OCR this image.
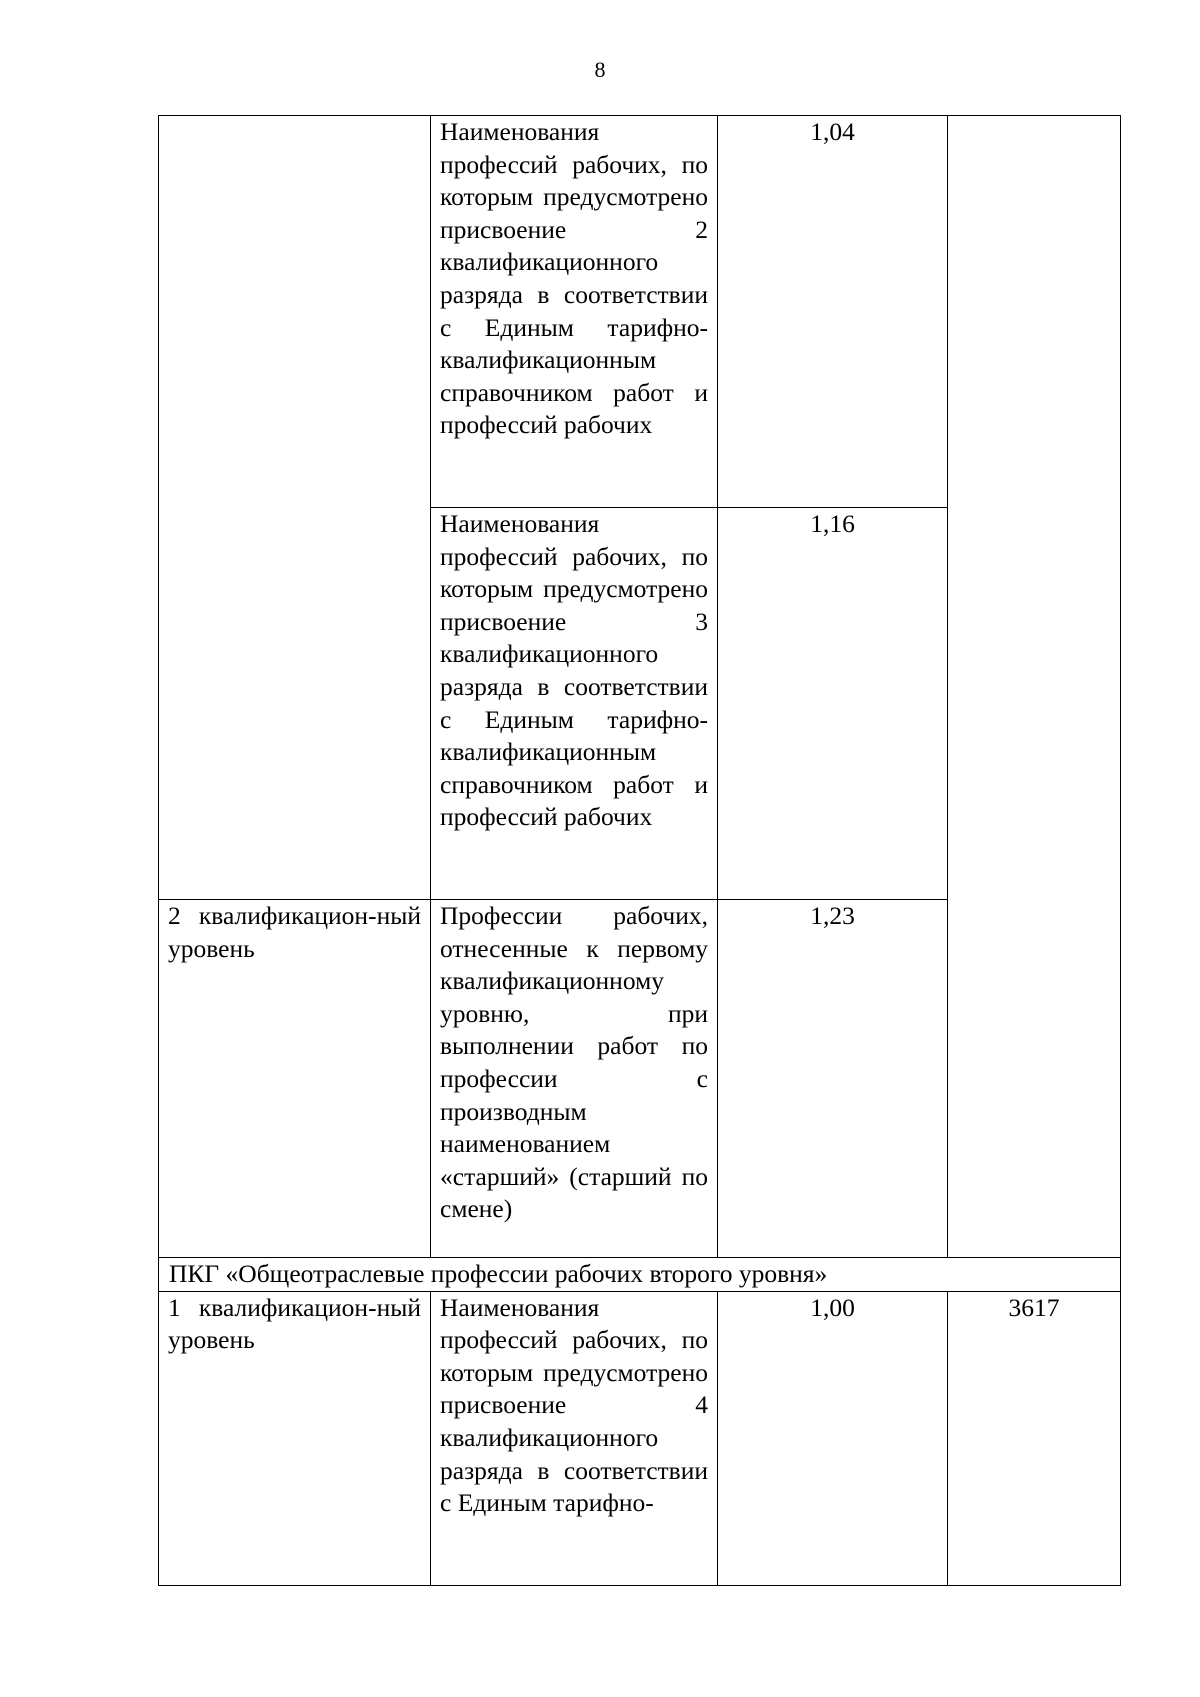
8
	Наименования профессий рабочих, по которым предусмотрено присвоение 2 квалификационного разряда в соответствии с Единым тарифно-квалификационным справочником работ и профессий рабочих	1,04	
	Наименования профессий рабочих, по которым предусмотрено присвоение 3 квалификационного разряда в соответствии с Единым тарифно-квалификационным справочником работ и профессий рабочих	1,16	
2 квалификацион-ный уровень	Профессии рабочих, отнесенные к первому квалификационному уровню, при выполнении работ по профессии с производным наименованием «старший» (старший по смене)	1,23	
ПКГ «Общеотраслевые профессии рабочих второго уровня»			
1 квалификацион-ный уровень	Наименования профессий рабочих, по которым предусмотрено присвоение 4 квалификационного разряда в соответствии с Единым тарифно-	1,00	3617
